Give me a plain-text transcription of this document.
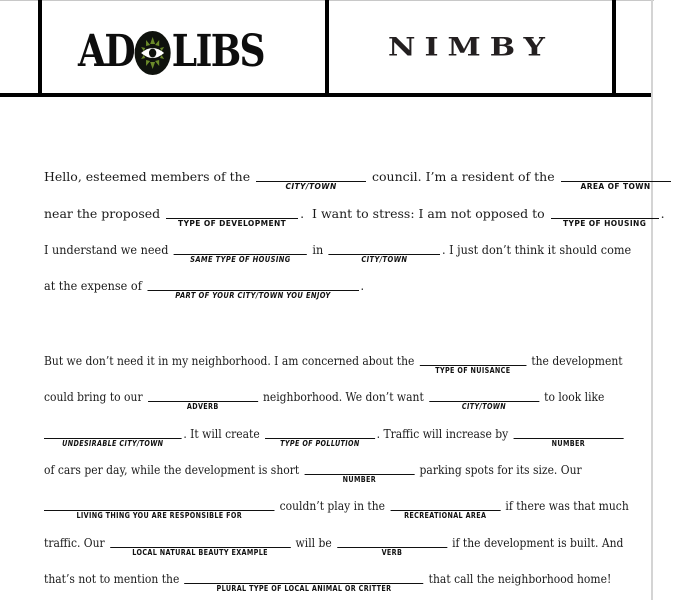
AD LIBS	NIMBY
Hello, esteemed members of the
CITY/TOWN
council. I’m a resident of the
AREA OF TOWN
near the proposed
TYPE OF DEVELOPMENT
.  I want to stress: I am not opposed to
TYPE OF HOUSING
.
I understand we need
SAME TYPE OF HOUSING
in
CITY/TOWN
. I just don’t think it should come
at the expense of
PART OF YOUR CITY/TOWN YOU ENJOY
.
But we don’t need it in my neighborhood. I am concerned about the
TYPE OF NUISANCE
the development
could bring to our
ADVERB
neighborhood. We don’t want
CITY/TOWN
to look like
UNDESIRABLE CITY/TOWN
. It will create
TYPE OF POLLUTION
. Traffic will increase by
NUMBER
of cars per day, while the development is short
NUMBER
parking spots for its size. Our
LIVING THING YOU ARE RESPONSIBLE FOR
couldn’t play in the
RECREATIONAL AREA
if there was that much
traffic. Our
LOCAL NATURAL BEAUTY EXAMPLE
will be
VERB
if the development is built. And
that’s not to mention the
PLURAL TYPE OF LOCAL ANIMAL OR CRITTER
that call the neighborhood home!
